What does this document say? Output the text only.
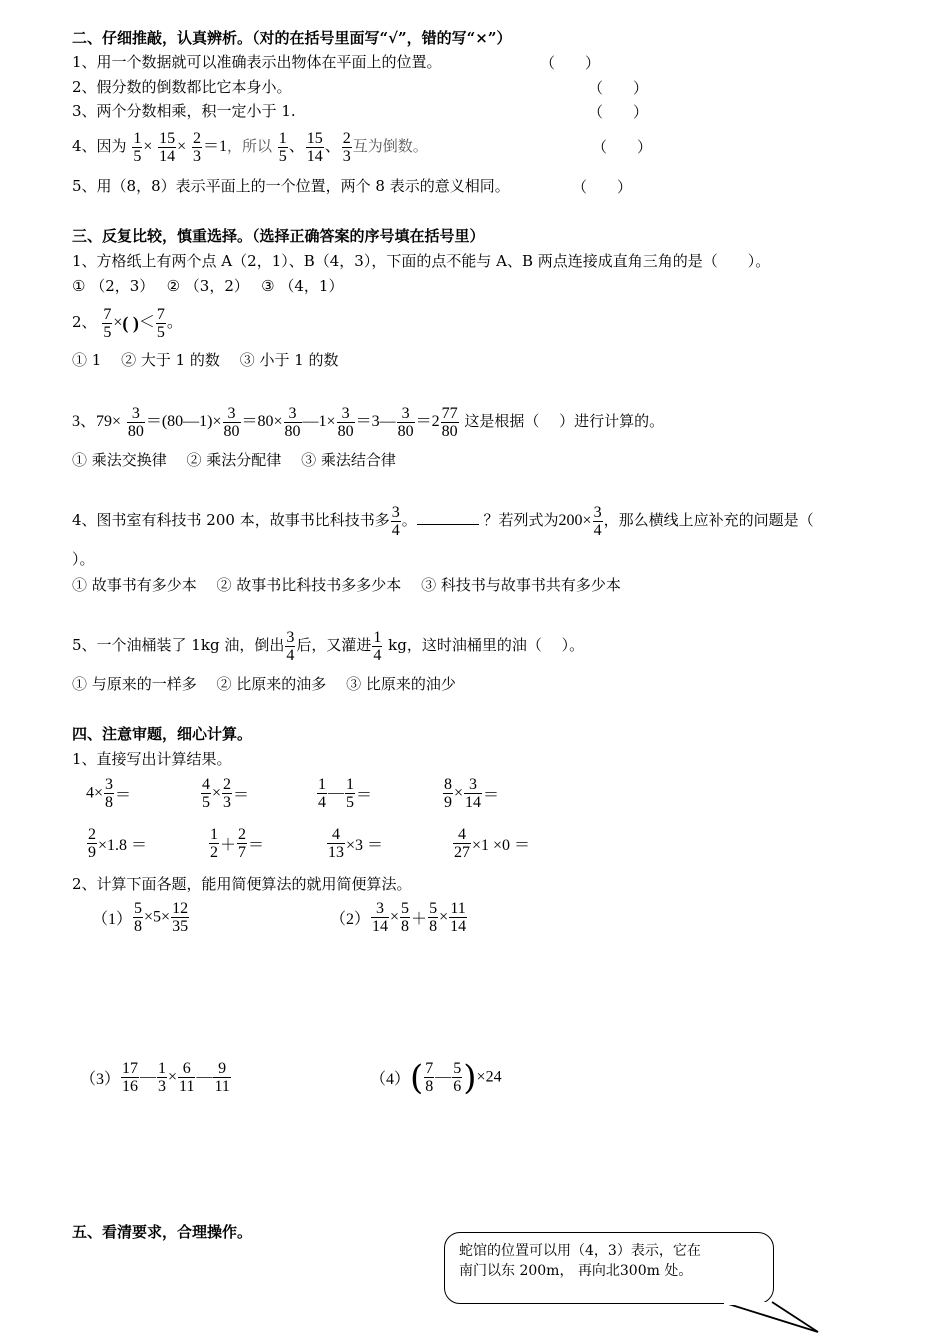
二、仔细推敲，认真辨析。（对的在括号里面写“√”，错的写“×”）
1、用一个数据就可以准确表示出物体在平面上的位置。	（　　）
2、假分数的倒数都比它本身小。	（　　）
3、两个分数相乘，积一定小于 1.	（　　）
4、因为 $\frac{1}{5} \times \frac{15}{14} \times \frac{2}{3} =1$，所以 $\frac{1}{5}$ 、 $\frac{15}{14}$ 、 $\frac{2}{3}$ 互为倒数。	（　　）
5、用（8，8）表示平面上的一个位置，两个 8 表示的意义相同。	（　　）
三、反复比较，慎重选择。（选择正确答案的序号填在括号里）
1、方格纸上有两个点 A（2，1）、B（4，3），下面的点不能与 A、B 两点连接成直角三角的是（　　）。
① （2，3）　 ② （3，2）　 ③ （4，1）
2、 $\frac{7}{5}$ ×( )＜ $\frac{7}{5}$ 。
① 1　 ② 大于 1 的数　 ③ 小于 1 的数
3、$79\times \frac{3}{80}$ ＝(80—1)× $\frac{3}{80} =80\times \frac{3}{80}$ —1× $\frac{3}{80}$ ＝3— $\frac{3}{80} =2 \frac{77}{80}$ 这是根据（　 ）进行计算的。
① 乘法交换律　 ② 乘法分配律　 ③ 乘法结合律
4、图书室有科技书 200 本，故事书比科技书多 $\frac{3}{4}$ 。	？若列式为$200\times \frac{3}{4}$ ，那么横线上应补充的问题是（
）。
① 故事书有多少本　 ② 故事书比科技书多多少本　 ③ 科技书与故事书共有多少本
5、一个油桶装了 1kg 油，倒出 $\frac{3}{4}$ 后，又灌进 $\frac{1}{4}$ kg，这时油桶里的油（　 ）。
① 与原来的一样多　 ② 比原来的油多　 ③ 比原来的油少
四、注意审题，细心计算。
1、直接写出计算结果。
$4\times \frac{3}{8}$ ＝	$\frac{4}{5} \times \frac{2}{3}$ ＝	$\frac{1}{4}$ — $\frac{1}{5}$ ＝	$\frac{8}{9} \times \frac{3}{14}$ ＝
$\frac{2}{9} \times 1.8$ ＝	$\frac{1}{2} + \frac{2}{7}$ ＝	$\frac{4}{13} \times 3$ ＝	$\frac{4}{27} \times 1 \times 0$ ＝
2、计算下面各题，能用简便算法的就用简便算法。
$(1) \frac{5}{8} \times 5\times \frac{12}{35}$	$(2) \frac{3}{14} \times \frac{5}{8} + \frac{5}{8} \times \frac{11}{14}$
$(3) \frac{17}{16}$ — $\frac{1}{3} \times \frac{6}{11}$ — $\frac{9}{11}$	$(4)( \frac{7}{8}$ — $\frac{5}{6} )\times 24$
五、看清要求，合理操作。
蛇馆的位置可以用（4，3）表示，它在
南门以东 200m， 再向北300m 处。
